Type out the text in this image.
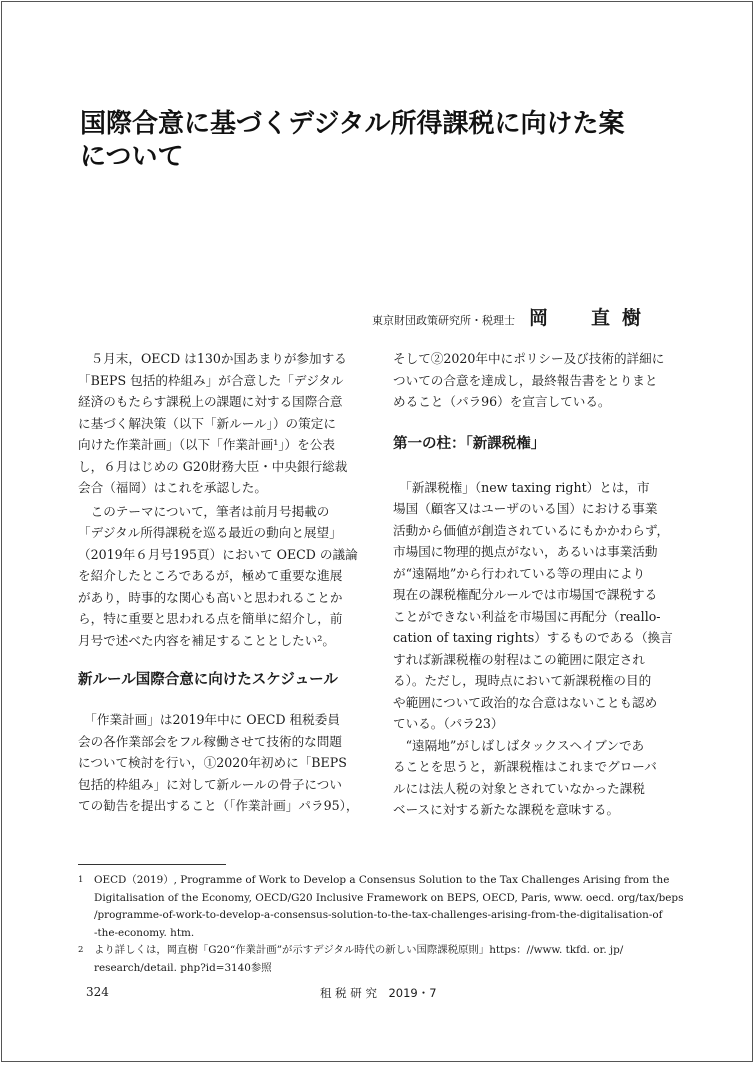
国際合意に基づくデジタル所得課税に向けた案
について
東京財団政策研究所・税理士 岡　直樹

　５月末，OECD は130か国あまりが参加する
「BEPS 包括的枠組み」が合意した「デジタル
経済のもたらす課税上の課題に対する国際合意
に基づく解決策（以下「新ルール」）の策定に
向けた作業計画」（以下「作業計画¹」）を公表
し，６月はじめの G20財務大臣・中央銀行総裁
会合（福岡）はこれを承認した。

　このテーマについて，筆者は前月号掲載の
「デジタル所得課税を巡る最近の動向と展望」
（2019年６月号195頁）において OECD の議論
を紹介したところであるが，極めて重要な進展
があり，時事的な関心も高いと思われることか
ら，特に重要と思われる点を簡単に紹介し，前
月号で述べた内容を補足することとしたい²。

新ルール国際合意に向けたスケジュール

　「作業計画」は2019年中に OECD 租税委員
会の各作業部会をフル稼働させて技術的な問題
について検討を行い，①2020年初めに「BEPS
包括的枠組み」に対して新ルールの骨子につい
ての勧告を提出すること（「作業計画」パラ95），

そして②2020年中にポリシー及び技術的詳細に
ついての合意を達成し，最終報告書をとりまと
めること（パラ96）を宣言している。

第一の柱：「新課税権」

　「新課税権」（new taxing right）とは，市
場国（顧客又はユーザのいる国）における事業
活動から価値が創造されているにもかかわらず，
市場国に物理的拠点がない，あるいは事業活動
が“遠隔地”から行われている等の理由により
現在の課税権配分ルールでは市場国で課税する
ことができない利益を市場国に再配分（reallo-
cation of taxing rights）するものである（換言
すれば新課税権の射程はこの範囲に限定され
る）。ただし，現時点において新課税権の目的
や範囲について政治的な合意はないことも認め
ている。（パラ23）

　“遠隔地”がしばしばタックスヘイブンであ
ることを思うと，新課税権はこれまでグローバ
ルには法人税の対象とされていなかった課税
ベースに対する新たな課税を意味する。

1	OECD（2019）, Programme of Work to Develop a Consensus Solution to the Tax Challenges Arising from the
Digitalisation of the Economy, OECD/G20 Inclusive Framework on BEPS, OECD, Paris, www. oecd. org/tax/beps
/programme-of-work-to-develop-a-consensus-solution-to-the-tax-challenges-arising-from-the-digitalisation-of
-the-economy. htm.
2	より詳しくは，岡直樹「G20“作業計画”が示すデジタル時代の新しい国際課税原則」https：//www. tkfd. or. jp/
research/detail. php?id=3140参照
324	租 税 研 究　2019・7
